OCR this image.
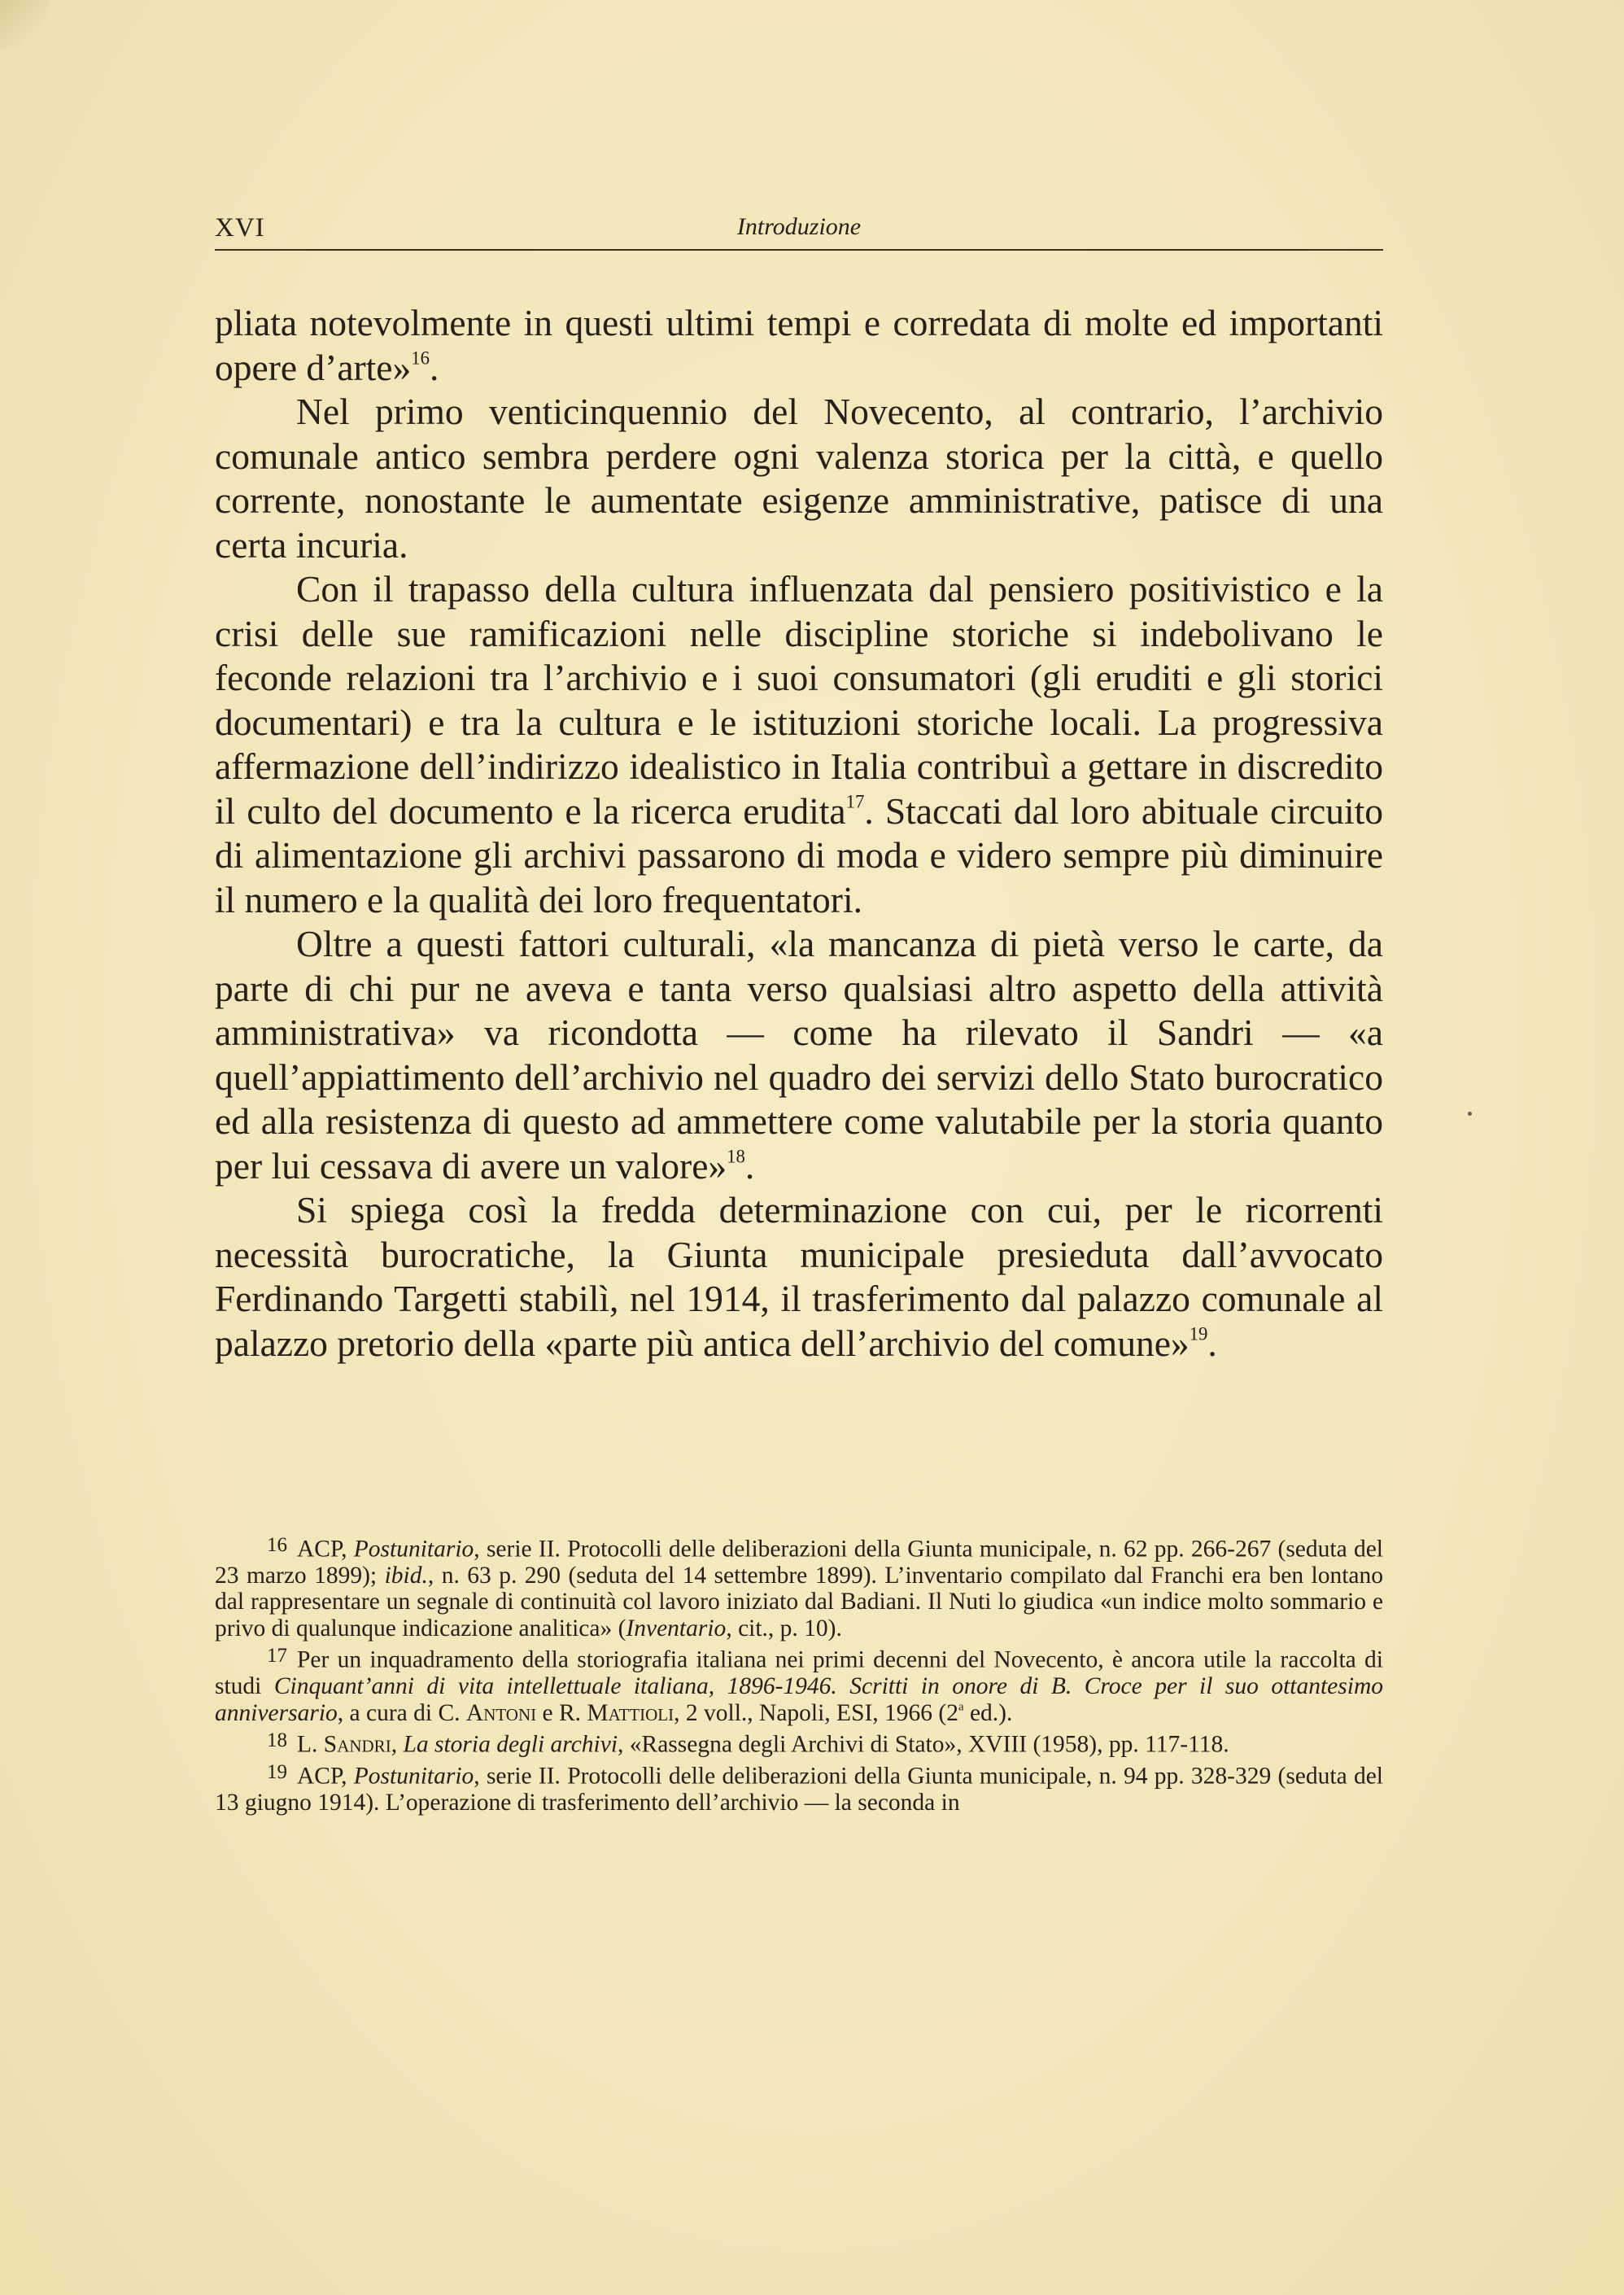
XVI	Introduzione

pliata notevolmente in questi ultimi tempi e corredata di molte ed importanti opere d’arte»$^{16}$.

Nel primo venticinquennio del Novecento, al contrario, l’archivio comunale antico sembra perdere ogni valenza storica per la città, e quello corrente, nonostante le aumentate esigenze amministrative, patisce di una certa incuria.

Con il trapasso della cultura influenzata dal pensiero positivistico e la crisi delle sue ramificazioni nelle discipline storiche si indebolivano le feconde relazioni tra l’archivio e i suoi consumatori (gli eruditi e gli storici documentari) e tra la cultura e le istituzioni storiche locali. La progressiva affermazione dell’indirizzo idealistico in Italia contribuì a gettare in discredito il culto del documento e la ricerca erudita$^{17}$. Staccati dal loro abituale circuito di alimentazione gli archivi passarono di moda e videro sempre più diminuire il numero e la qualità dei loro frequentatori.

Oltre a questi fattori culturali, «la mancanza di pietà verso le carte, da parte di chi pur ne aveva e tanta verso qualsiasi altro aspetto della attività amministrativa» va ricondotta — come ha rilevato il Sandri — «a quell’appiattimento dell’archivio nel quadro dei servizi dello Stato burocratico ed alla resistenza di questo ad ammettere come valutabile per la storia quanto per lui cessava di avere un valore»$^{18}$.

Si spiega così la fredda determinazione con cui, per le ricorrenti necessità burocratiche, la Giunta municipale presieduta dall’avvocato Ferdinando Targetti stabilì, nel 1914, il trasferimento dal palazzo comunale al palazzo pretorio della «parte più antica dell’archivio del comune»$^{19}$.

$^{16}$ ACP, Postunitario, serie II. Protocolli delle deliberazioni della Giunta municipale, n. 62 pp. 266-267 (seduta del 23 marzo 1899); ibid., n. 63 p. 290 (seduta del 14 settembre 1899). L’inventario compilato dal Franchi era ben lontano dal rappresentare un segnale di continuità col lavoro iniziato dal Badiani. Il Nuti lo giudica «un indice molto sommario e privo di qualunque indicazione analitica» (Inventario, cit., p. 10).

$^{17}$ Per un inquadramento della storiografia italiana nei primi decenni del Novecento, è ancora utile la raccolta di studi Cinquant’anni di vita intellettuale italiana, 1896-1946. Scritti in onore di B. Croce per il suo ottantesimo anniversario, a cura di C. Antoni e R. Mattioli, 2 voll., Napoli, ESI, 1966 (2$^a$ ed.).

$^{18}$ L. Sandri, La storia degli archivi, «Rassegna degli Archivi di Stato», XVIII (1958), pp. 117-118.

$^{19}$ ACP, Postunitario, serie II. Protocolli delle deliberazioni della Giunta municipale, n. 94 pp. 328-329 (seduta del 13 giugno 1914). L’operazione di trasferimento dell’archivio — la seconda in
